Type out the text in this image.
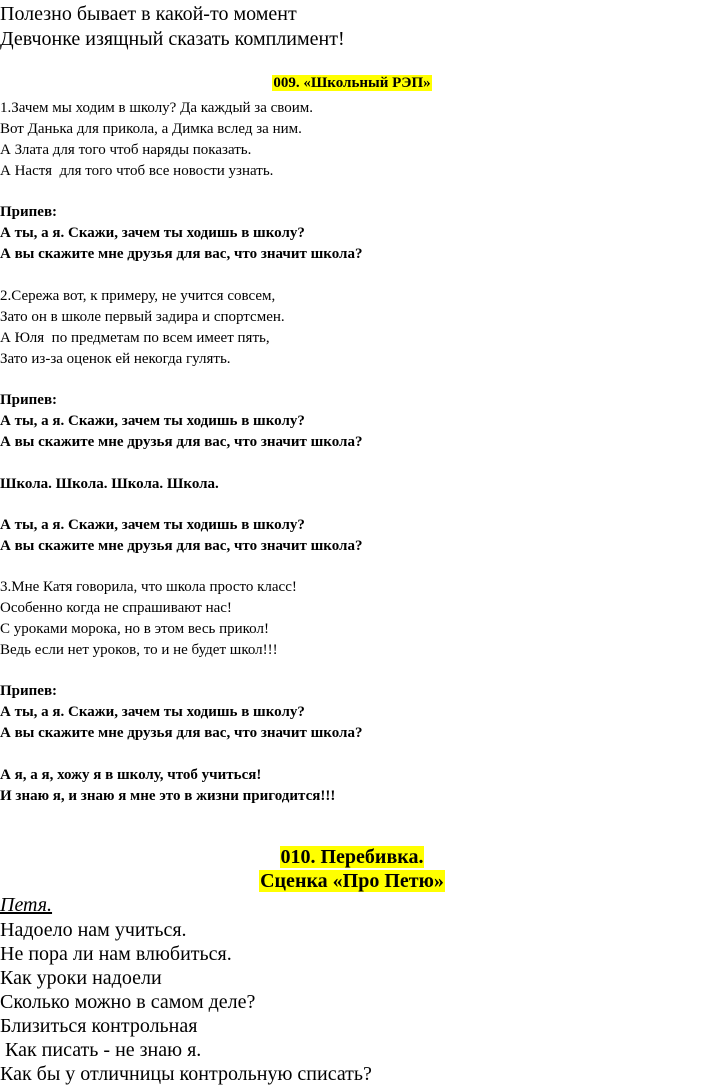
Полезно бывает в какой-то момент
Девчонке изящный сказать комплимент!
009. «Школьный РЭП»
1.Зачем мы ходим в школу? Да каждый за своим.
Вот Данька для прикола, а Димка вслед за ним.
А Злата для того чтоб наряды показать.
А Настя  для того чтоб все новости узнать.
Припев:
А ты, а я. Скажи, зачем ты ходишь в школу?
А вы скажите мне друзья для вас, что значит школа?
2.Сережа вот, к примеру, не учится совсем,
Зато он в школе первый задира и спортсмен.
А Юля  по предметам по всем имеет пять,
Зато из-за оценок ей некогда гулять.
Припев:
А ты, а я. Скажи, зачем ты ходишь в школу?
А вы скажите мне друзья для вас, что значит школа?
Школа. Школа. Школа. Школа.
А ты, а я. Скажи, зачем ты ходишь в школу?
А вы скажите мне друзья для вас, что значит школа?
3.Мне Катя говорила, что школа просто класс!
Особенно когда не спрашивают нас!
С уроками морока, но в этом весь прикол!
Ведь если нет уроков, то и не будет школ!!!
Припев:
А ты, а я. Скажи, зачем ты ходишь в школу?
А вы скажите мне друзья для вас, что значит школа?
А я, а я, хожу я в школу, чтоб учиться!
И знаю я, и знаю я мне это в жизни пригодится!!!
010. Перебивка.
Сценка «Про Петю»
Петя.
Надоело нам учиться.
Не пора ли нам влюбиться.
Как уроки надоели
Сколько можно в самом деле?
Близиться контрольная
Как писать - не знаю я.
Как бы у отличницы контрольную списать?
